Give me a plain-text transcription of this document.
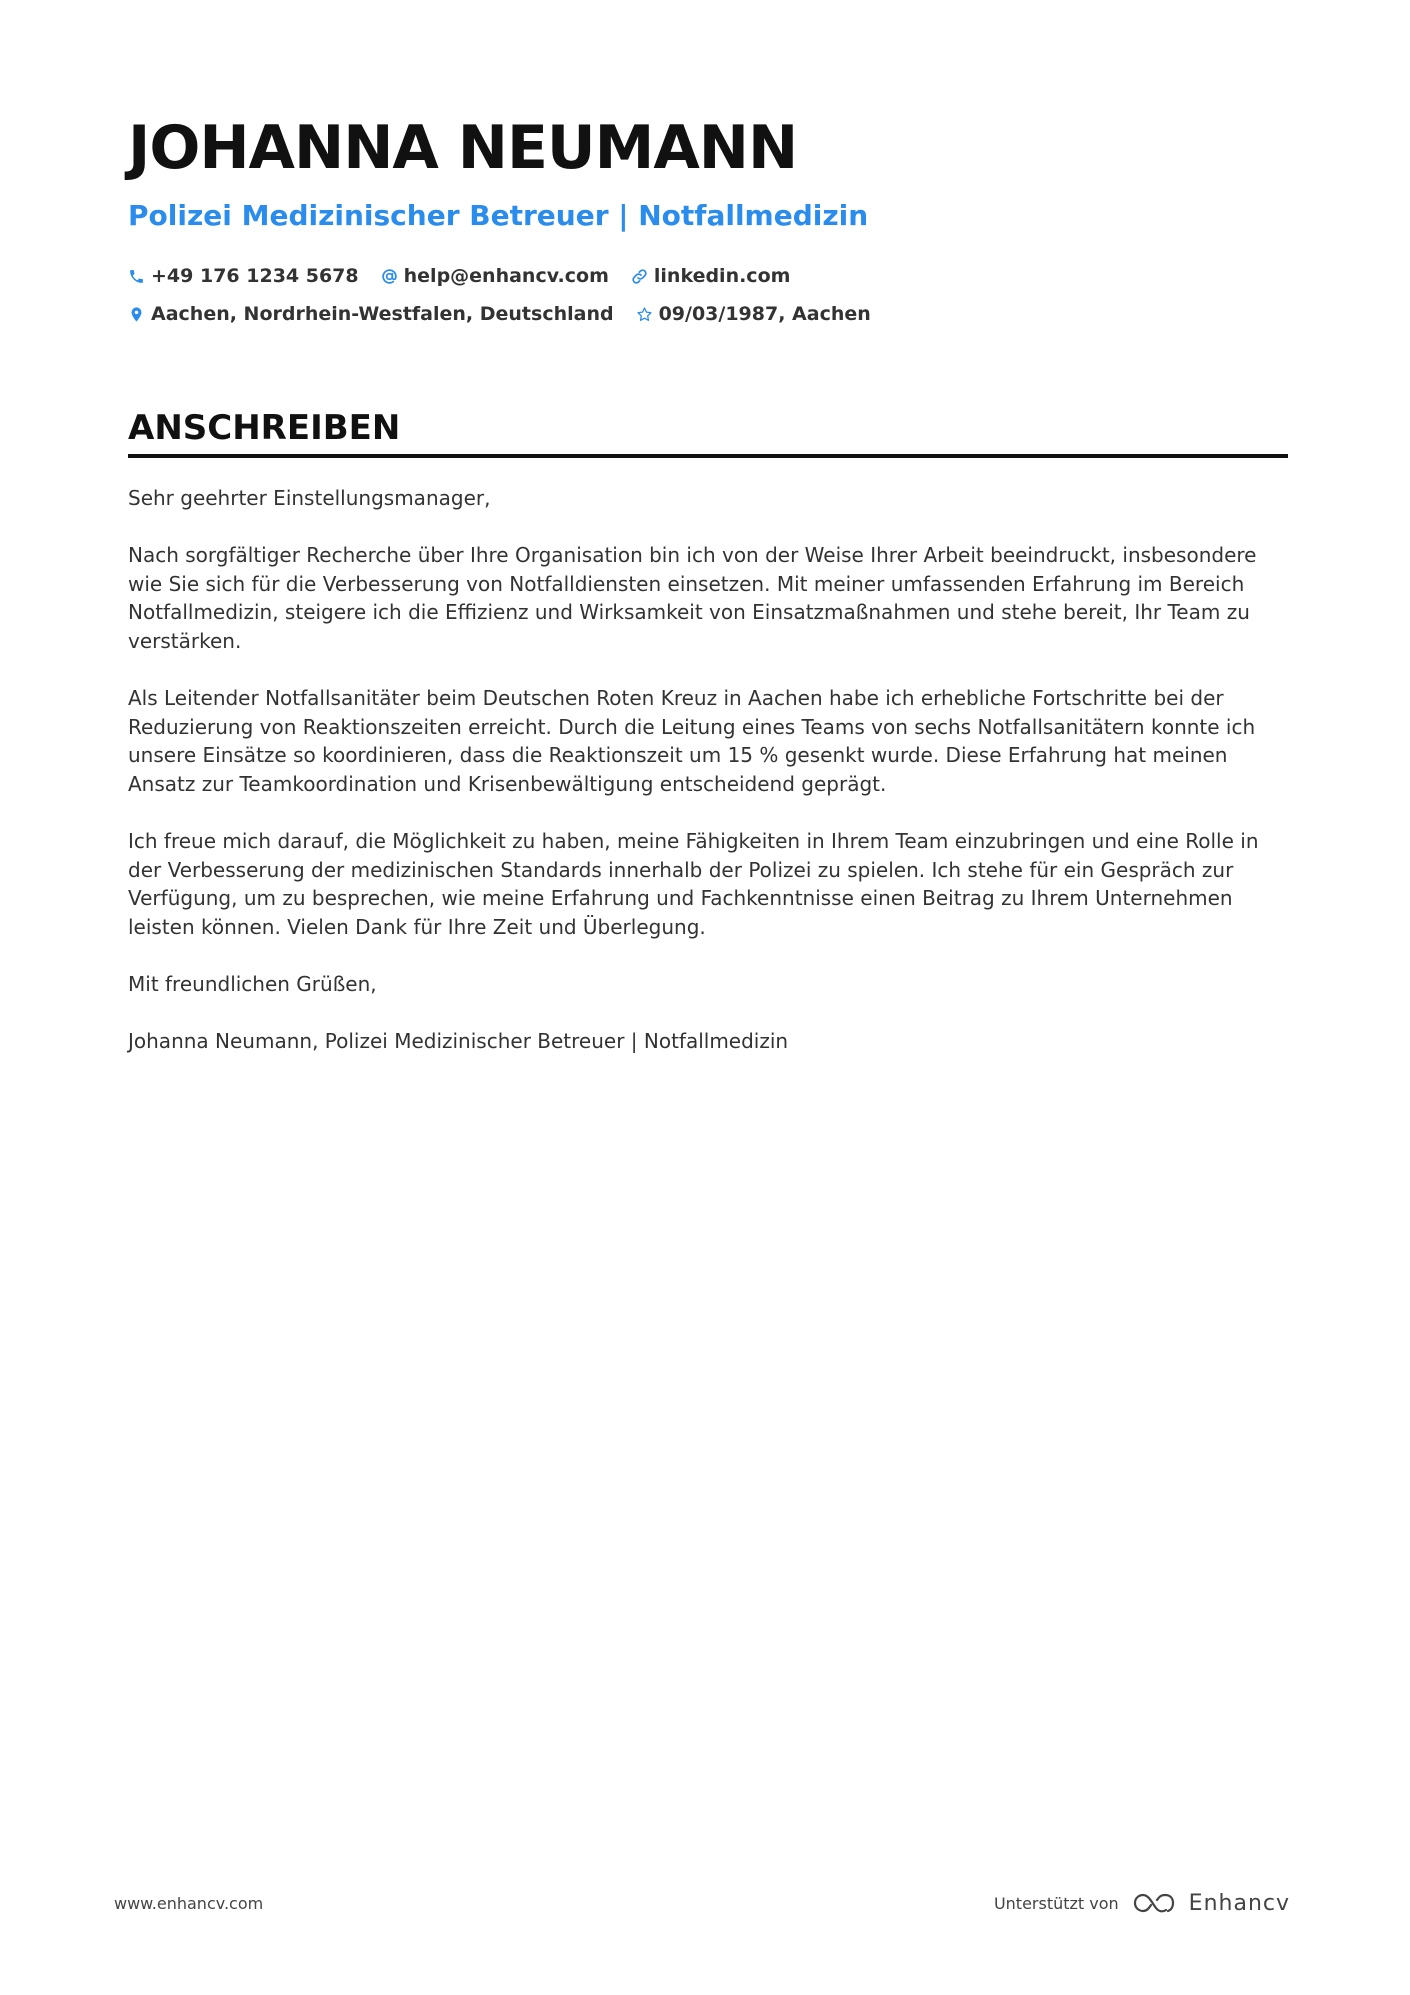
JOHANNA NEUMANN
Polizei Medizinischer Betreuer | Notfallmedizin
+49 176 1234 5678 help@enhancv.com linkedin.com
Aachen, Nordrhein-Westfalen, Deutschland 09/03/1987, Aachen
ANSCHREIBEN

Sehr geehrter Einstellungsmanager,

Nach sorgfältiger Recherche über Ihre Organisation bin ich von der Weise Ihrer Arbeit beeindruckt, insbesondere wie Sie sich für die Verbesserung von Notfalldiensten einsetzen. Mit meiner umfassenden Erfahrung im Bereich Notfallmedizin, steigere ich die Effizienz und Wirksamkeit von Einsatzmaßnahmen und stehe bereit, Ihr Team zu verstärken.

Als Leitender Notfallsanitäter beim Deutschen Roten Kreuz in Aachen habe ich erhebliche Fortschritte bei der Reduzierung von Reaktionszeiten erreicht. Durch die Leitung eines Teams von sechs Notfallsanitätern konnte ich unsere Einsätze so koordinieren, dass die Reaktionszeit um 15 % gesenkt wurde. Diese Erfahrung hat meinen Ansatz zur Teamkoordination und Krisenbewältigung entscheidend geprägt.

Ich freue mich darauf, die Möglichkeit zu haben, meine Fähigkeiten in Ihrem Team einzubringen und eine Rolle in der Verbesserung der medizinischen Standards innerhalb der Polizei zu spielen. Ich stehe für ein Gespräch zur Verfügung, um zu besprechen, wie meine Erfahrung und Fachkenntnisse einen Beitrag zu Ihrem Unternehmen leisten können. Vielen Dank für Ihre Zeit und Überlegung.

Mit freundlichen Grüßen,

Johanna Neumann, Polizei Medizinischer Betreuer | Notfallmedizin

www.enhancv.com	Unterstützt von	Enhancv
